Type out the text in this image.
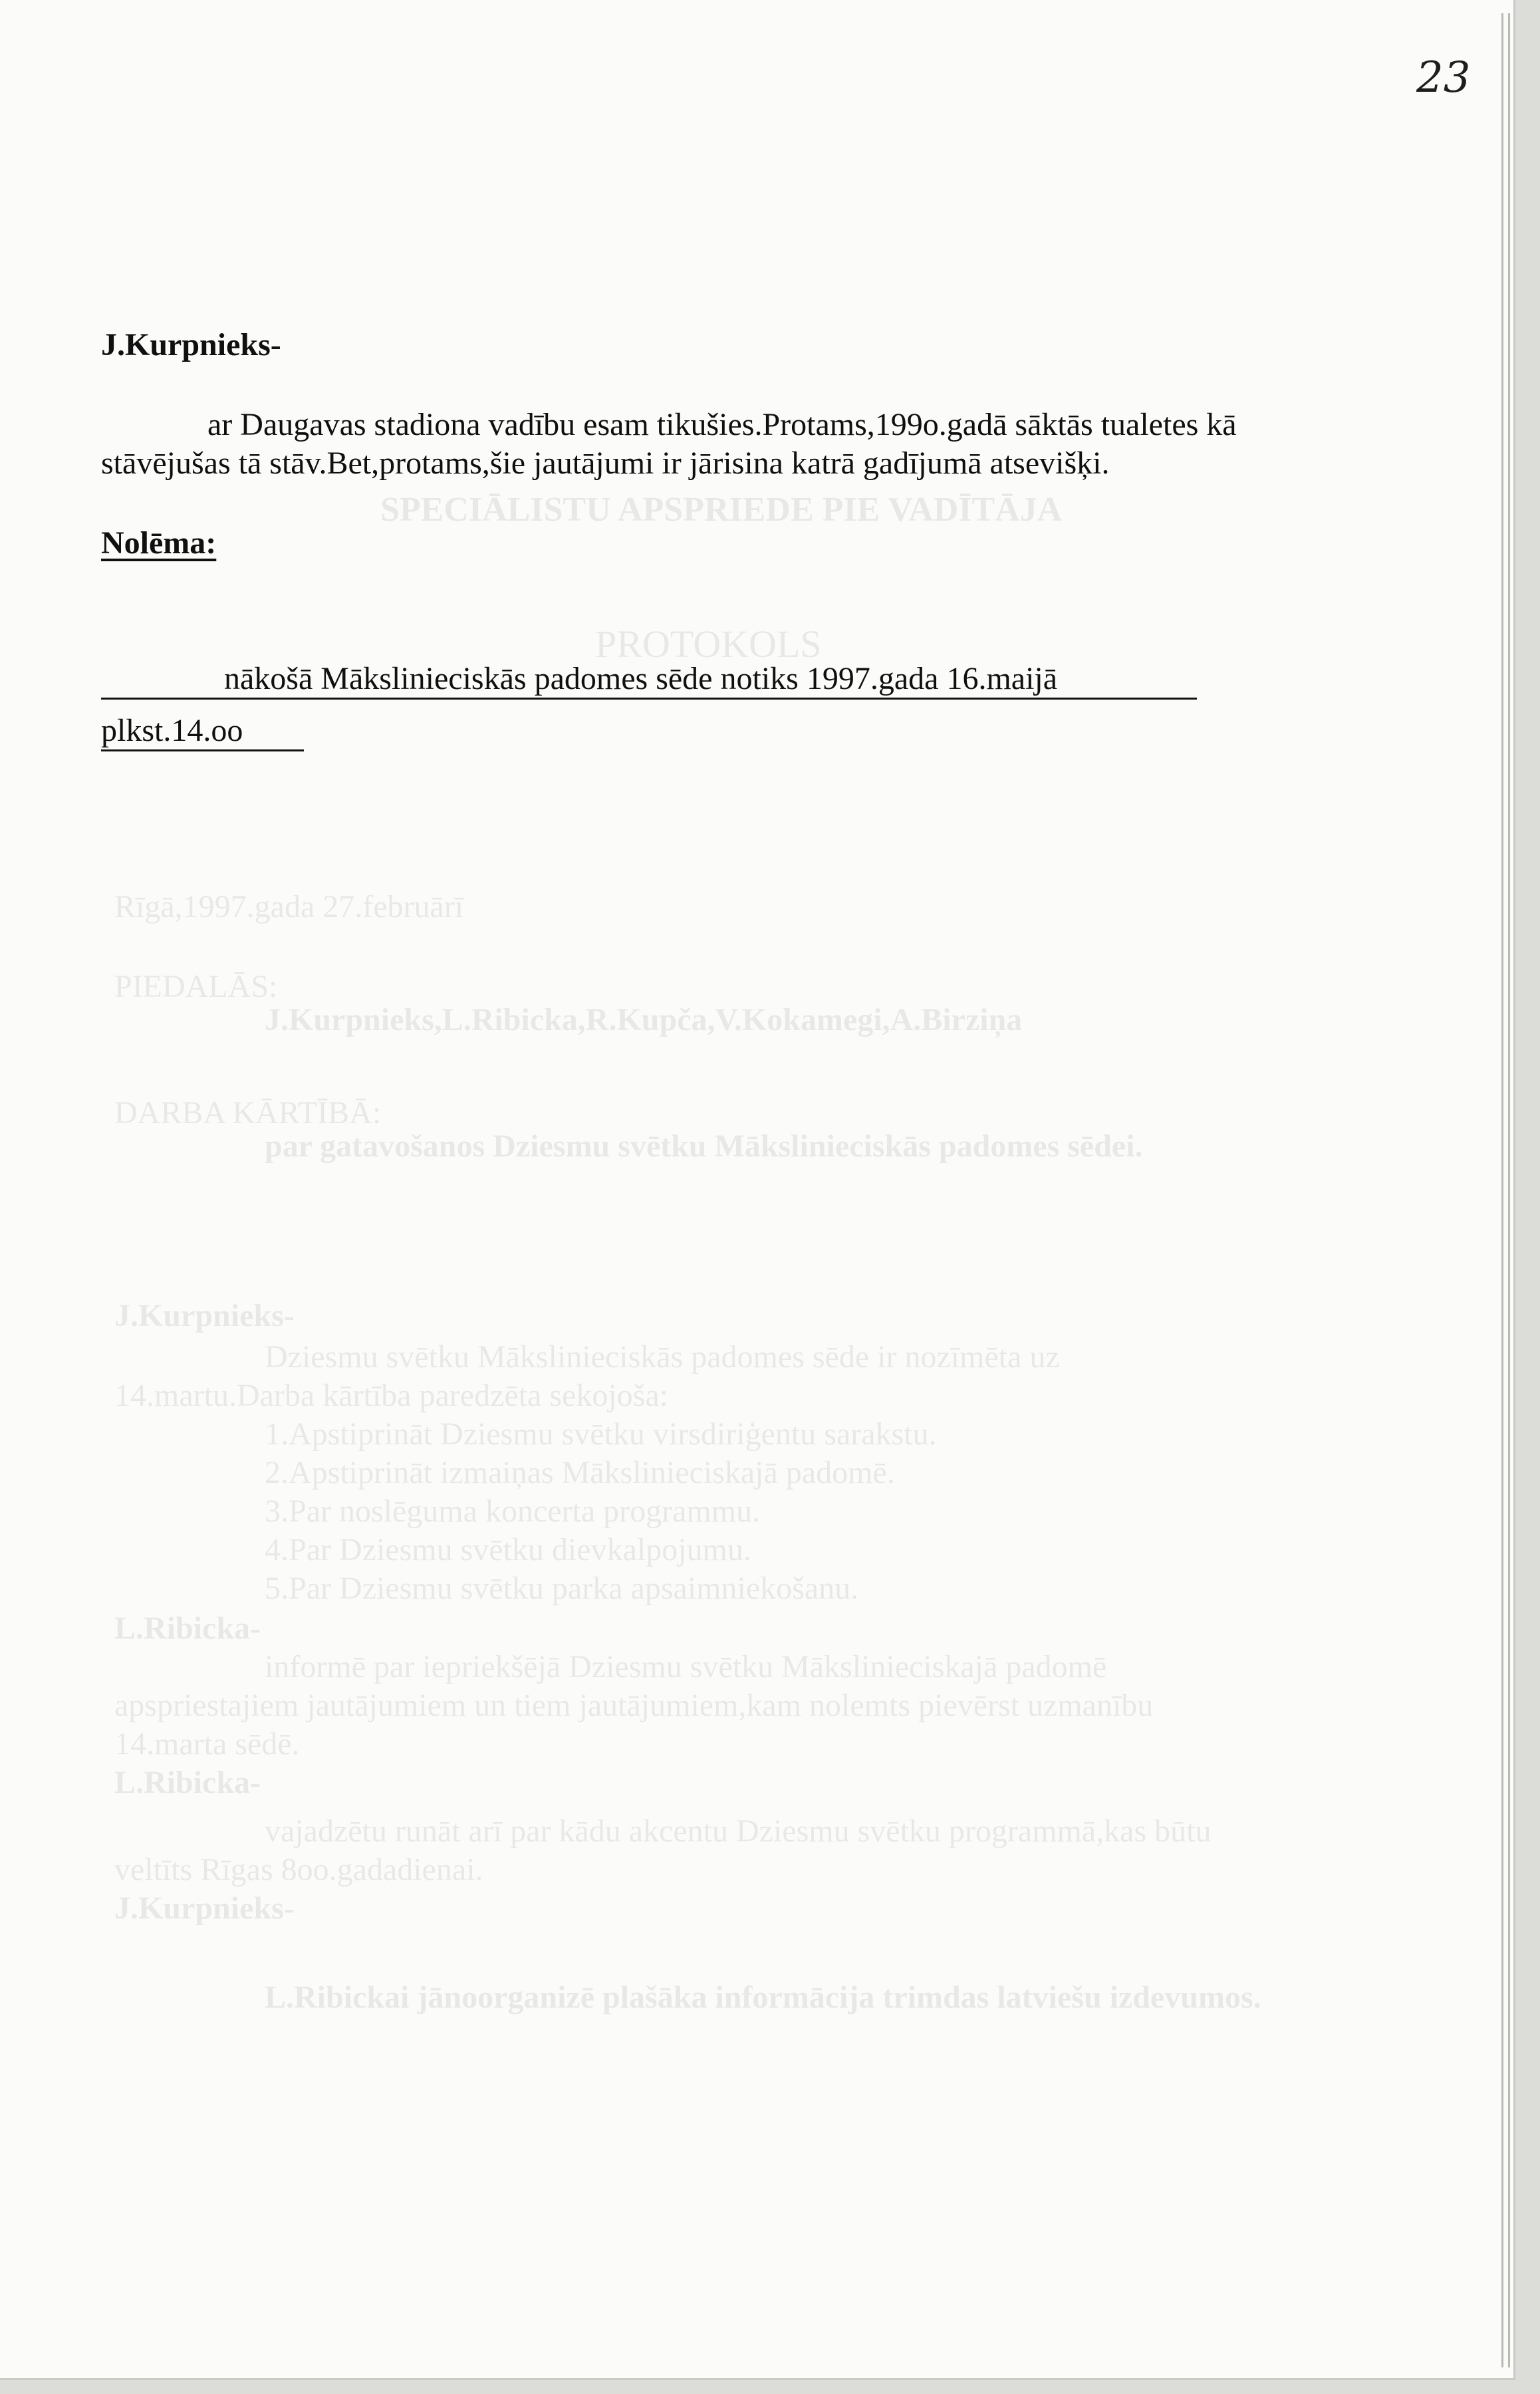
SPECIĀLISTU APSPRIEDE PIE VADĪTĀJA
PROTOKOLS
Rīgā,1997.gada 27.februārī
PIEDALĀS:
J.Kurpnieks,L.Ribicka,R.Kupča,V.Kokamegi,A.Birziņa
DARBA KĀRTĪBĀ:
par gatavošanos Dziesmu svētku Mākslinieciskās padomes sēdei.
J.Kurpnieks-
Dziesmu svētku Mākslinieciskās padomes sēde ir nozīmēta uz
14.martu.Darba kārtība paredzēta sekojoša:
1.Apstiprināt Dziesmu svētku virsdiriģentu sarakstu.
2.Apstiprināt izmaiņas Mākslinieciskajā padomē.
3.Par noslēguma koncerta programmu.
4.Par Dziesmu svētku dievkalpojumu.
5.Par Dziesmu svētku parka apsaimniekošanu.
L.Ribicka-
informē par iepriekšējā Dziesmu svētku Mākslinieciskajā padomē
apspriestajiem jautājumiem un tiem jautājumiem,kam nolemts pievērst uzmanību
14.marta sēdē.
L.Ribicka-
vajadzētu runāt arī par kādu akcentu Dziesmu svētku programmā,kas būtu
veltīts Rīgas 8oo.gadadienai.
J.Kurpnieks-
L.Ribickai jānoorganizē plašāka informācija trimdas latviešu izdevumos.
23
J.Kurpnieks-
ar Daugavas stadiona vadību esam tikušies.Protams,199o.gadā sāktās tualetes kā
stāvējušas tā stāv.Bet,protams,šie jautājumi ir jārisina katrā gadījumā atsevišķi.
Nolēma:
nākošā Mākslinieciskās padomes sēde notiks 1997.gada 16.maijā
plkst.14.oo
